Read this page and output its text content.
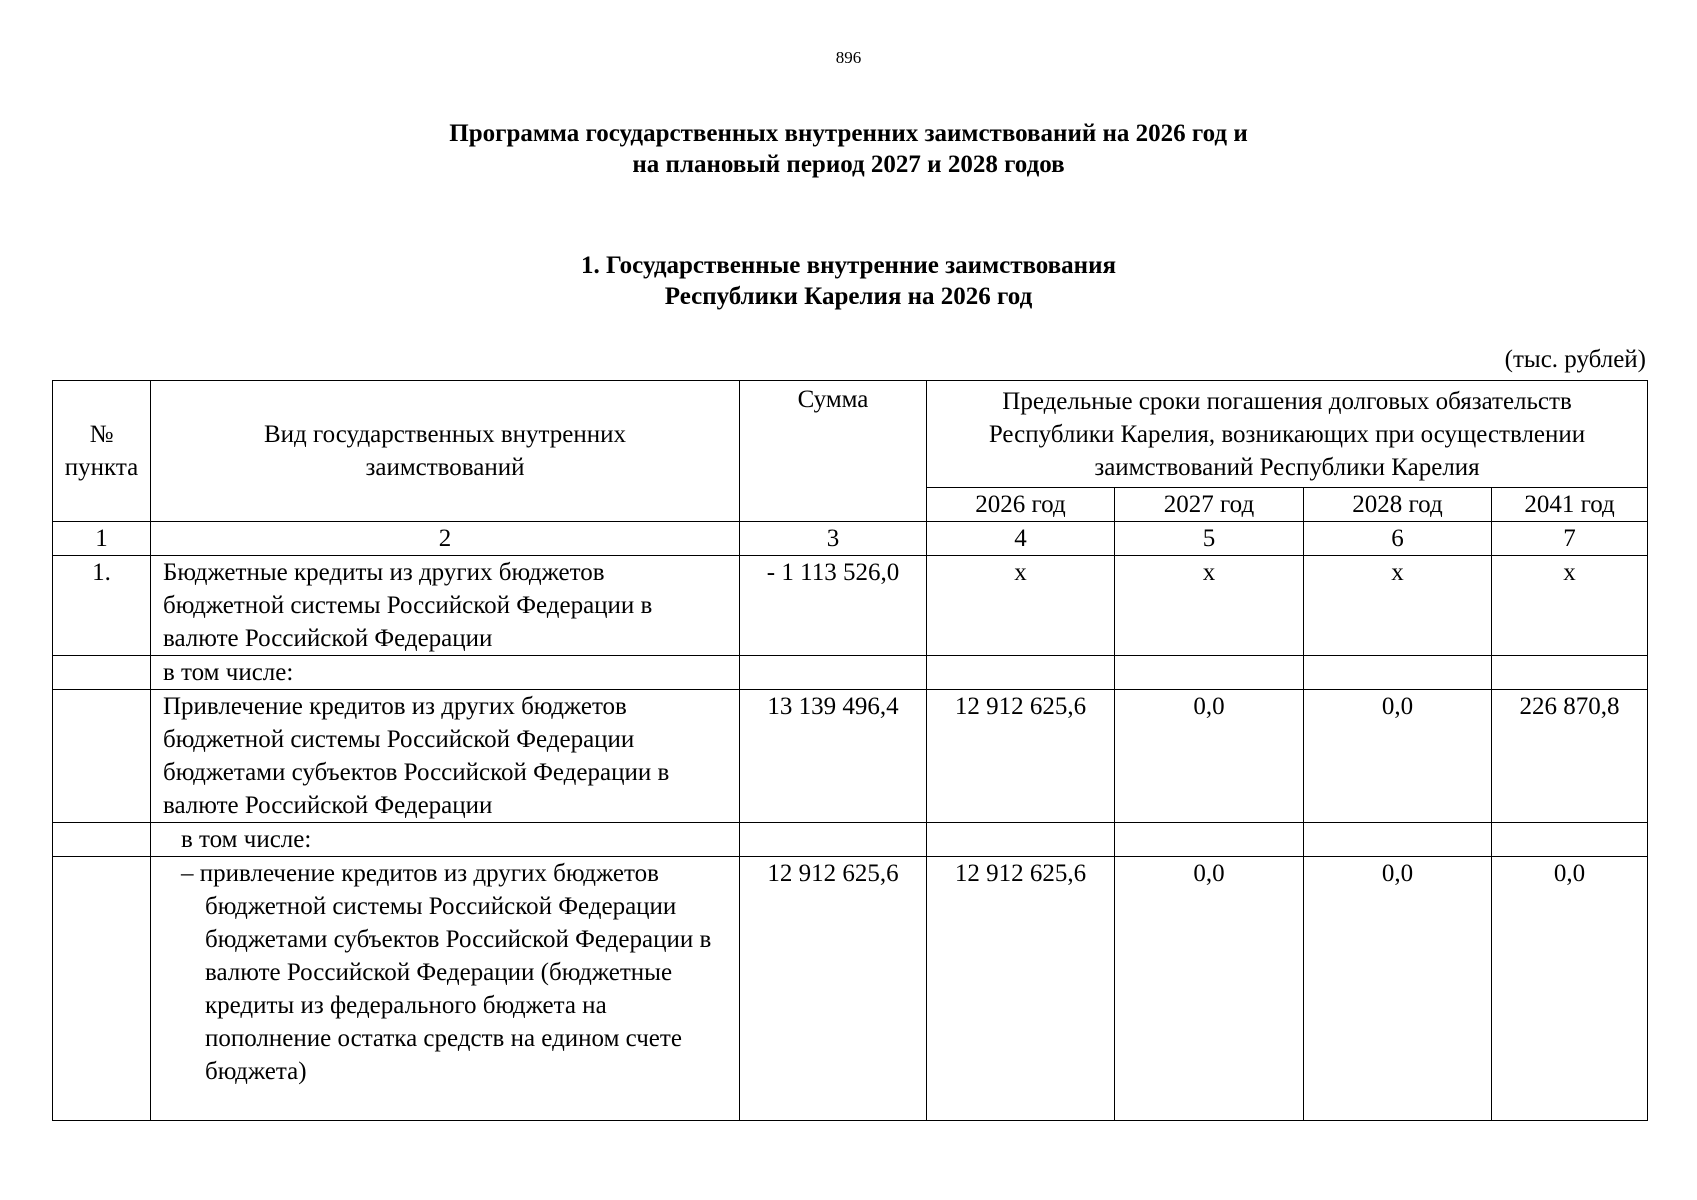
896
Программа государственных внутренних заимствований на 2026 год и
на плановый период 2027 и 2028 годов
1. Государственные внутренние заимствования
Республики Карелия на 2026 год
(тыс. рублей)
№ пункта	Вид государственных внутренних заимствований	Сумма	Предельные сроки погашения долговых обязательств Республики Карелия, возникающих при осуществлении заимствований Республики Карелия			
			2026 год	2027 год	2028 год	2041 год
1	2	3	4	5	6	7
1.	Бюджетные кредиты из других бюджетов бюджетной системы Российской Федерации в валюте Российской Федерации	- 1 113 526,0	х	х	х	х
	в том числе:					
	Привлечение кредитов из других бюджетов бюджетной системы Российской Федерации бюджетами субъектов Российской Федерации в валюте Российской Федерации	13 139 496,4	12 912 625,6	0,0	0,0	226 870,8
	в том числе:					
	– привлечение кредитов из других бюджетов бюджетной системы Российской Федерации бюджетами субъектов Российской Федерации в валюте Российской Федерации (бюджетные кредиты из федерального бюджета на пополнение остатка средств на едином счете бюджета)	12 912 625,6	12 912 625,6	0,0	0,0	0,0
